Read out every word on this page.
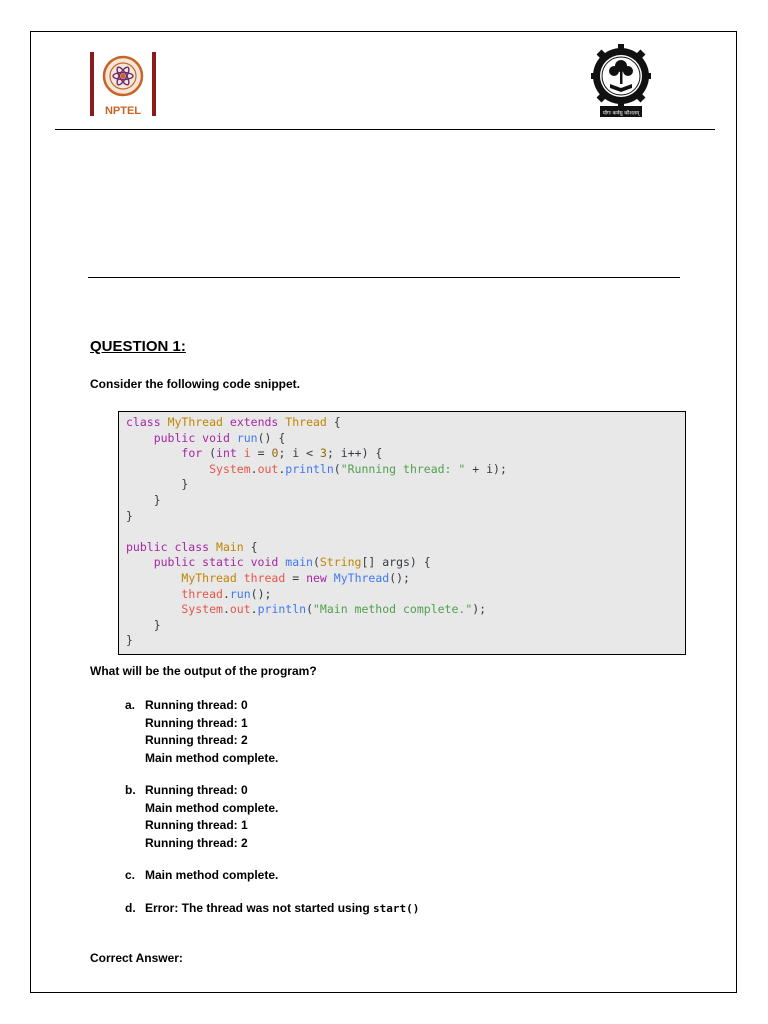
NPTEL	योगः कर्मसु कौशलम्
QUESTION 1:
Consider the following code snippet.
class MyThread extends Thread {
public void run() {
for (int i = 0; i < 3; i++) {
System.out.println("Running thread: " + i);
}
}
}
public class Main {
public static void main(String[] args) {
MyThread thread = new MyThread();
thread.run();
System.out.println("Main method complete.");
}
}
What will be the output of the program?
a. Running thread: 0
Running thread: 1
Running thread: 2
Main method complete.
b. Running thread: 0
Main method complete.
Running thread: 1
Running thread: 2
c. Main method complete.
d. Error: The thread was not started using start()
Correct Answer:
